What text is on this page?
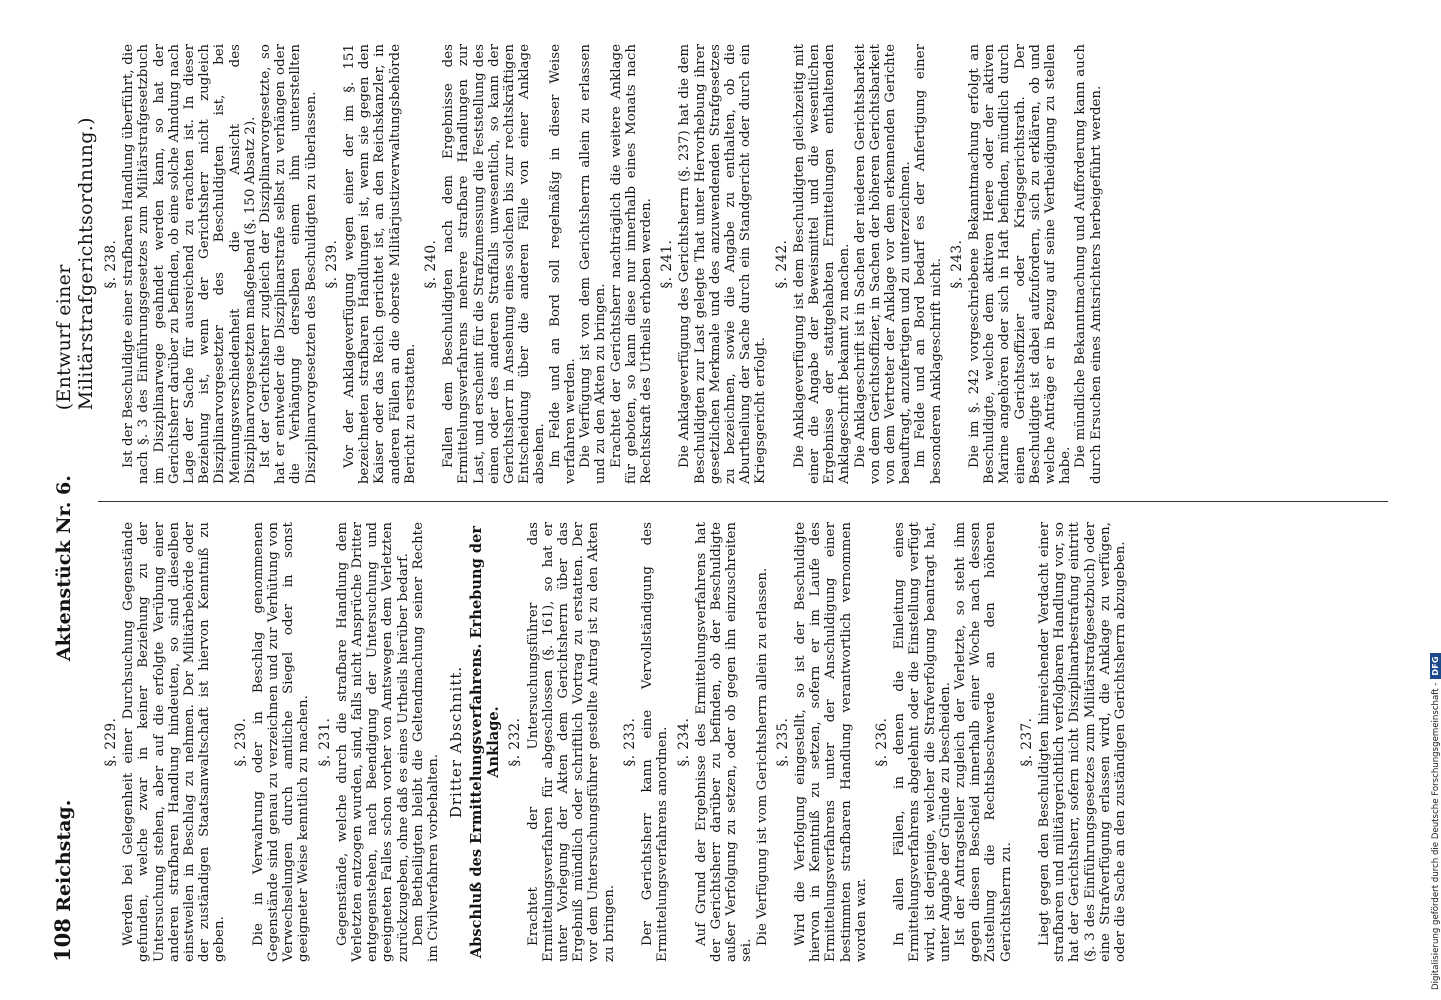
108
Reichstag.
Aktenstück Nr. 6.
(Entwurf einer Militärstrafgerichtsordnung.)
§. 229. Werden bei Gelegenheit einer Durchsuchung Gegenstände gefunden, welche zwar in keiner Beziehung zu der Untersuchung stehen, aber auf die erfolgte Verübung einer anderen strafbaren Handlung hindeuten, so sind dieselben einstweilen in Beschlag zu nehmen. Der Militärbehörde oder der zuständigen Staatsanwaltschaft ist hiervon Kenntniß zu geben.

§. 230. Die in Verwahrung oder in Beschlag genommenen Gegenstände sind genau zu verzeichnen und zur Verhütung von Verwechselungen durch amtliche Siegel oder in sonst geeigneter Weise kenntlich zu machen. §. 231. Gegenstände, welche durch die strafbare Handlung dem Verletzten entzogen wurden, sind, falls nicht Ansprüche Dritter entgegenstehen, nach Beendigung der Untersuchung und geeigneten Falles schon vorher von Amtswegen dem Verletzten zurückzugeben, ohne daß es eines Urtheils hierüber bedarf. Dem Betheiligten bleibt die Geltendmachung seiner Rechte im Civilverfahren vorbehalten.

Dritter Abschnitt. Abschluß des Ermittelungsverfahrens. Erhebung der Anklage. §. 232. Erachtet der Untersuchungsführer das Ermittelungsverfahren für abgeschlossen (§. 161), so hat er unter Vorlegung der Akten dem Gerichtsherrn über das Ergebniß mündlich oder schriftlich Vortrag zu erstatten. Der vor dem Untersuchungsführer gestellte Antrag ist zu den Akten zu bringen.

§. 233. Der Gerichtsherr kann eine Vervollständigung des Ermittelungsverfahrens anordnen. §. 234. Auf Grund der Ergebnisse des Ermittelungsverfahrens hat der Gerichtsherr darüber zu befinden, ob der Beschuldigte außer Verfolgung zu setzen, oder ob gegen ihn einzuschreiten sei.

Die Verfügung ist vom Gerichtsherrn allein zu erlassen. §. 235. Wird die Verfolgung eingestellt, so ist der Beschuldigte hiervon in Kenntniß zu setzen, sofern er im Laufe des Ermittelungsverfahrens unter der Anschuldigung einer bestimmten strafbaren Handlung verantwortlich vernommen worden war.

§. 236. In allen Fällen, in denen die Einleitung eines Ermittelungsverfahrens abgelehnt oder die Einstellung verfügt wird, ist derjenige, welcher die Strafverfolgung beantragt hat, unter Angabe der Gründe zu bescheiden. Ist der Antragsteller zugleich der Verletzte, so steht ihm gegen diesen Bescheid innerhalb einer Woche nach dessen Zustellung die Rechtsbeschwerde an den höheren Gerichtsherrn zu.

§. 237. Liegt gegen den Beschuldigten hinreichender Verdacht einer strafbaren und militärgerichtlich verfolgbaren Handlung vor, so hat der Gerichtsherr, sofern nicht Disziplinarbestrafung eintritt (§. 3 des Einführungsgesetzes zum Militärstrafgesetzbuch) oder eine Strafverfügung erlassen wird, die Anklage zu verfügen, oder die Sache an den zuständigen Gerichtsherrn abzugeben.

§. 238. Ist der Beschuldigte einer strafbaren Handlung überführt, die nach §. 3 des Einführungsgesetzes zum Militärstrafgesetzbuch im Disziplinarwege geahndet werden kann, so hat der Gerichtsherr darüber zu befinden, ob eine solche Ahndung nach Lage der Sache für ausreichend zu erachten ist. In dieser Beziehung ist, wenn der Gerichtsherr nicht zugleich Disziplinarvorgesetzter des Beschuldigten ist, bei Meinungsverschiedenheit die Ansicht des Disziplinarvorgesetzten maßgebend (§. 150 Absatz 2). Ist der Gerichtsherr zugleich der Disziplinarvorgesetzte, so hat er entweder die Disziplinarstrafe selbst zu verhängen oder die Verhängung derselben einem ihm unterstellten Disziplinarvorgesetzten des Beschuldigten zu überlassen. §. 239. Vor der Anklageverfügung wegen einer der im §. 151 bezeichneten strafbaren Handlungen ist, wenn sie gegen den Kaiser oder das Reich gerichtet ist, an den Reichskanzler, in anderen Fällen an die oberste Militärjustizverwaltungsbehörde Bericht zu erstatten.

§. 240. Fallen dem Beschuldigten nach dem Ergebnisse des Ermittelungsverfahrens mehrere strafbare Handlungen zur Last, und erscheint für die Strafzumessung die Feststellung des einen oder des anderen Straffalls unwesentlich, so kann der Gerichtsherr in Ansehung eines solchen bis zur rechtskräftigen Entscheidung über die anderen Fälle von einer Anklage absehen. Im Felde und an Bord soll regelmäßig in dieser Weise verfahren werden. Die Verfügung ist von dem Gerichtsherrn allein zu erlassen und zu den Akten zu bringen. Erachtet der Gerichtsherr nachträglich die weitere Anklage für geboten, so kann diese nur innerhalb eines Monats nach Rechtskraft des Urtheils erhoben werden. §. 241. Die Anklageverfügung des Gerichtsherrn (§. 237) hat die dem Beschuldigten zur Last gelegte That unter Hervorhebung ihrer gesetzlichen Merkmale und des anzuwendenden Strafgesetzes zu bezeichnen, sowie die Angabe zu enthalten, ob die Aburtheilung der Sache durch ein Standgericht oder durch ein Kriegsgericht erfolgt.

§. 242. Die Anklageverfügung ist dem Beschuldigten gleichzeitig mit einer die Angabe der Beweismittel und die wesentlichen Ergebnisse der stattgehabten Ermittelungen enthaltenden Anklageschrift bekannt zu machen. Die Anklageschrift ist in Sachen der niederen Gerichtsbarkeit von dem Gerichtsoffizier, in Sachen der höheren Gerichtsbarkeit von dem Vertreter der Anklage vor dem erkennenden Gerichte beauftragt, anzufertigen und zu unterzeichnen. Im Felde und an Bord bedarf es der Anfertigung einer besonderen Anklageschrift nicht. §. 243. Die im §. 242 vorgeschriebene Bekanntmachung erfolgt an Beschuldigte, welche dem aktiven Heere oder der aktiven Marine angehören oder sich in Haft befinden, mündlich durch einen Gerichtsoffizier oder Kriegsgerichtsrath. Der Beschuldigte ist dabei aufzufordern, sich zu erklären, ob und welche Anträge er in Bezug auf seine Vertheidigung zu stellen habe. Die mündliche Bekanntmachung und Aufforderung kann auch durch Ersuchen eines Amtsrichters herbeigeführt werden.

Digitalisierung gefördert durch die Deutsche Forschungsgemeinschaft -
DFG
